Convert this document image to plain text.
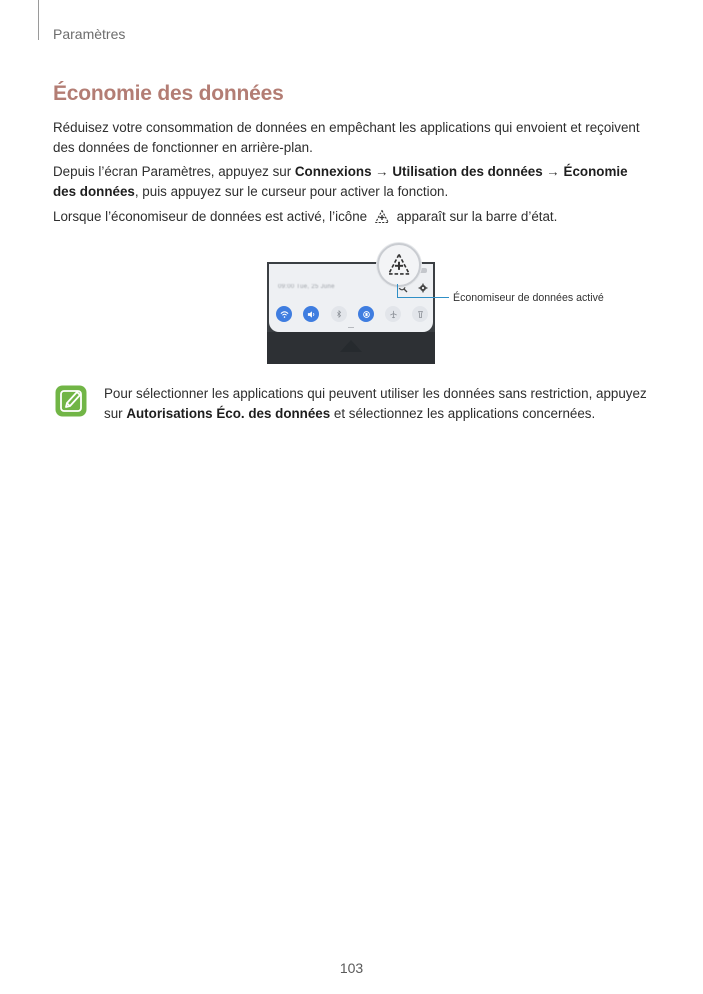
Paramètres
Économie des données
Réduisez votre consommation de données en empêchant les applications qui envoient et reçoivent des données de fonctionner en arrière-plan.
Depuis l’écran Paramètres, appuyez sur Connexions → Utilisation des données → Économie des données, puis appuyez sur le curseur pour activer la fonction.
Lorsque l’économiseur de données est activé, l’icône apparaît sur la barre d’état.
09:00 Tue, 25 June
Économiseur de données activé
Pour sélectionner les applications qui peuvent utiliser les données sans restriction, appuyez sur Autorisations Éco. des données et sélectionnez les applications concernées.
103
